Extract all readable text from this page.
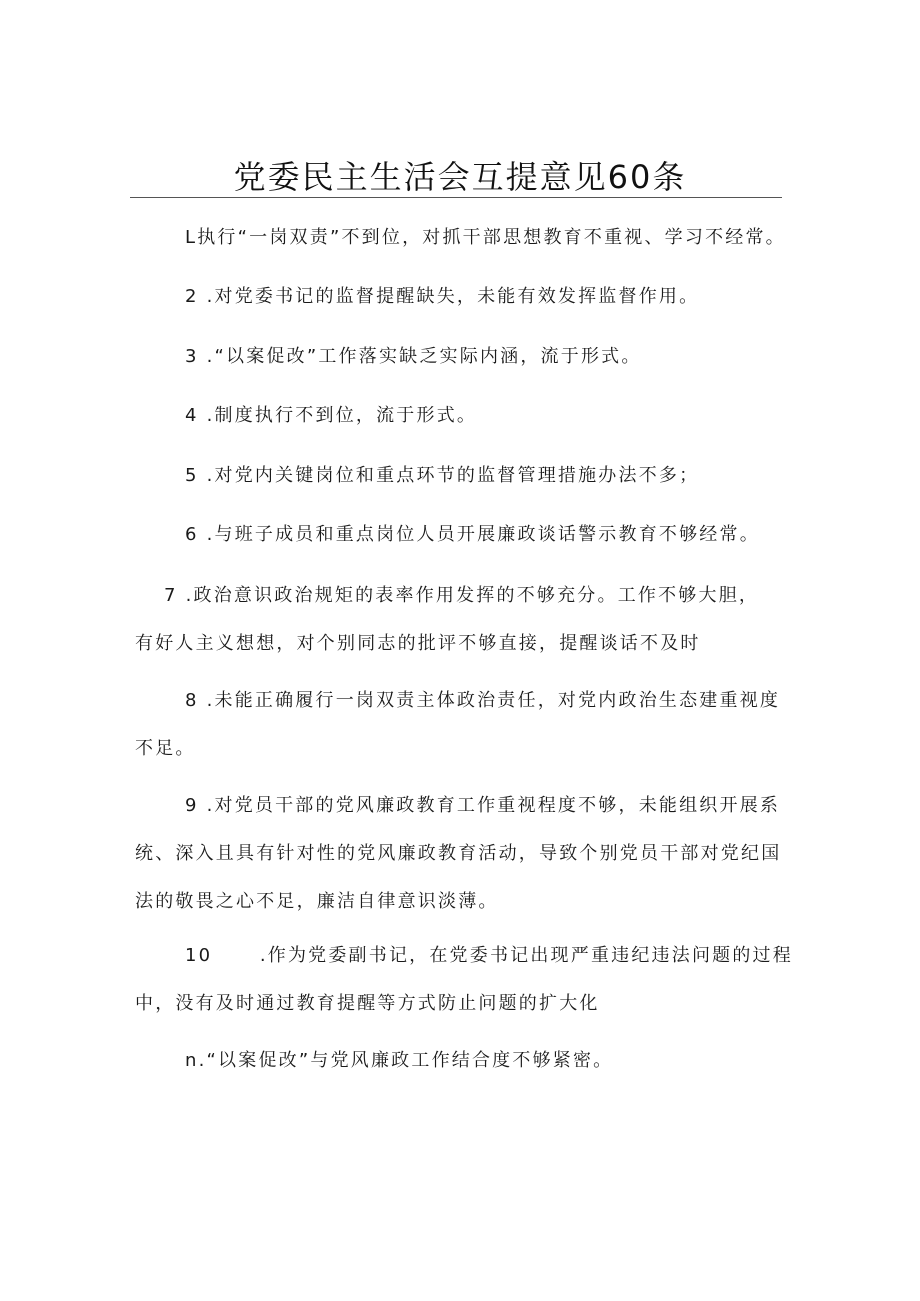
党委民主生活会互提意见60条
L执行“一岗双责”不到位，对抓干部思想教育不重视、学习不经常。
2 .对党委书记的监督提醒缺失，未能有效发挥监督作用。
3 .“以案促改”工作落实缺乏实际内涵，流于形式。
4 .制度执行不到位，流于形式。
5 .对党内关键岗位和重点环节的监督管理措施办法不多；
6 .与班子成员和重点岗位人员开展廉政谈话警示教育不够经常。
7 .政治意识政治规矩的表率作用发挥的不够充分。工作不够大胆，
有好人主义想想，对个别同志的批评不够直接，提醒谈话不及时
8 .未能正确履行一岗双责主体政治责任，对党内政治生态建重视度
不足。
9 .对党员干部的党风廉政教育工作重视程度不够，未能组织开展系
统、深入且具有针对性的党风廉政教育活动，导致个别党员干部对党纪国
法的敬畏之心不足，廉洁自律意识淡薄。
10      .作为党委副书记，在党委书记出现严重违纪违法问题的过程
中，没有及时通过教育提醒等方式防止问题的扩大化
n.“以案促改”与党风廉政工作结合度不够紧密。
